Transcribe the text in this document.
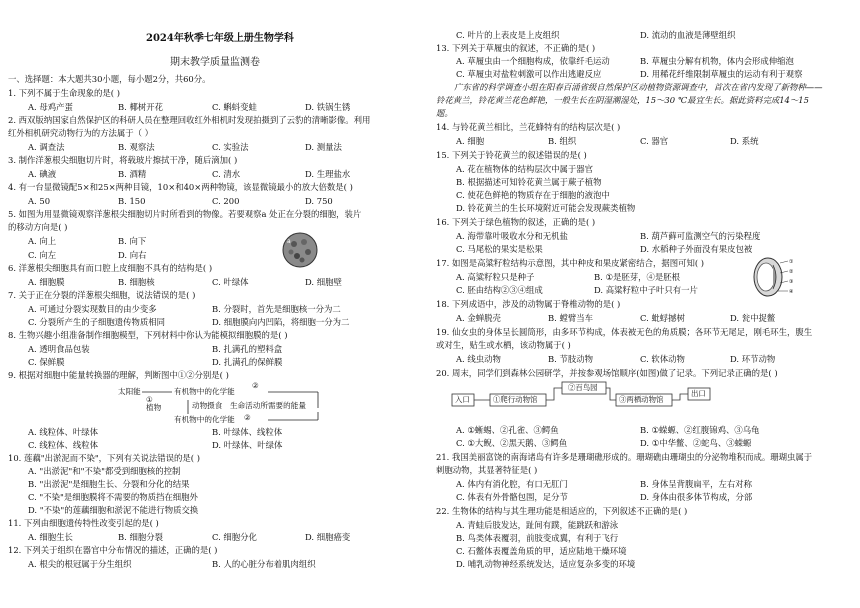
2024年秋季七年级上册生物学科
期末教学质量监测卷
一、选择题：本大题共30小题，每小题2分，共60分。
1. 下列不属于生命现象的是( )
A. 母鸡产蛋	B. 椰树开花	C. 蝌蚪变蛙	D. 铁锅生锈
2. 西双版纳国家自然保护区的科研人员在整理回收红外相机时发现拍摄到了云豹的清晰影像。利用
红外相机研究动物行为的方法属于（ ）
A. 调查法	B. 观察法	C. 实验法	D. 测量法
3. 制作洋葱根尖细胞切片时，将载玻片擦拭干净，随后滴加( )
A. 碘液	B. 酒精	C. 清水	D. 生理盐水
4. 有一台显微镜配5×和25×两种目镜，10×和40×两种物镜，该显微镜最小的放大倍数是( )
A. 50	B. 150	C. 200	D. 750
5. 如图为用显微镜观察洋葱根尖细胞切片时所看到的物像。若要观察a 处正在分裂的细胞，装片
的移动方向是( )
A. 向上	B. 向下
C. 向左	D. 向右
a
6. 洋葱根尖细胞具有而口腔上皮细胞不具有的结构是( )
A. 细胞膜	B. 细胞核	C. 叶绿体	D. 细胞壁
7. 关于正在分裂的洋葱根尖细胞，说法错误的是( )
A. 可通过分裂实现数目的由少变多	B. 分裂时，首先是细胞核一分为二
C. 分裂所产生的子细胞遗传物质相同	D. 细胞膜向内凹陷，将细胞一分为二
8. 生物兴趣小组准备制作细胞模型，下列材料中你认为能模拟细胞膜的是( )
A. 透明食品包装	B. 扎满孔的塑料盒
C. 保鲜膜	D. 扎满孔的保鲜膜
9. 根据对细胞中能量转换器的理解，判断图中①②分别是( )
太阳能	有机物中的化学能
②
①
植物	动物摄食 生命活动所需要的能量
②
有机物中的化学能
A. 线粒体、叶绿体	B. 叶绿体、线粒体
C. 线粒体、线粒体	D. 叶绿体、叶绿体
10. 莲藕"出淤泥而不染"，下列有关说法错误的是( )
A. "出淤泥"和"不染"都受到细胞核的控制
B. "出淤泥"是细胞生长、分裂和分化的结果
C. "不染"是细胞膜将不需要的物质挡在细胞外
D. "不染"的莲藕细胞和淤泥不能进行物质交换
11. 下列由细胞遗传特性改变引起的是( )
A. 细胞生长	B. 细胞分裂	C. 细胞分化	D. 细胞癌变
12. 下列关于组织在器官中分布情况的描述，正确的是( )
A. 根尖的根冠属于分生组织	B. 人的心脏分布着肌肉组织
C. 叶片的上表皮是上皮组织	D. 流动的血液是薄壁组织
13. 下列关于草履虫的叙述，不正确的是( )
A. 草履虫由一个细胞构成，依靠纤毛运动	B. 草履虫分解有机物，体内会形成伸缩泡
C. 草履虫对盐粒刺激可以作出逃避反应	D. 用稀花纤维限制草履虫的运动有利于观察
广东省的科学调查小组在阳春百涌省级自然保护区动植物资源调查中，首次在省内发现了新物种——
铃花黄兰，铃花黄兰花色鲜艳，一般生长在阴湿潮湿处，15～30 ℃最宜生长。据此资料完成14～15
题。
14. 与铃花黄兰相比，兰花蜂特有的结构层次是( )
A. 细胞	B. 组织	C. 器官	D. 系统
15. 下列关于铃花黄兰的叙述错误的是( )
A. 花在植物体的结构层次中属于器官
B. 根据描述可知铃花黄兰属于蕨子植物
C. 使花色鲜艳的物质存在于细胞的液泡中
D. 铃花黄兰的生长环境附近可能会发现蕨类植物
16. 下列关于绿色植物的叙述，正确的是( )
A. 海带靠叶吸收水分和无机盐	B. 葫芦藓可监测空气的污染程度
C. 马尾松的果实是松果	D. 水稻种子外面没有果皮包被
17. 如图是高粱籽粒结构示意图，其中种皮和果皮紧密结合，据图可知( )
A. 高粱籽粒只是种子	B. ①是胚芽，④是胚根
C. 胚由结构②③④组成	D. 高粱籽粒中子叶只有一片
①
②
③
④
18. 下列成语中，涉及的动物属于脊椎动物的是( )
A. 金蝉脱壳	B. 螳臂当车	C. 蚍蜉撼树	D. 瓮中捉鳖
19. 仙女虫的身体呈长圆筒形，由多环节构成，体表被无色的角质膜；各环节无尾足，刚毛环生，腹生
或对生，贴生或水栖，该动物属于( )
A. 线虫动物	B. 节肢动物	C. 软体动物	D. 环节动物
20. 周末，同学们到森林公园研学，并按参观场馆顺序(如图)做了记录。下列记录正确的是( )
入口	①爬行动物馆
②百鸟园
③两栖动物馆
出口
A. ①蜥蜴、②孔雀、③鳄鱼	B. ①蝾螈、②红腹锦鸡、③乌龟
C. ①大鲵、②黑天鹅、③鳄鱼	D. ①中华鳖、②蛇鸟、③蝾螈
21. 我国美丽富饶的南海诸岛有许多是珊瑚礁形成的。珊瑚礁由珊瑚虫的分泌物堆积而成。珊瑚虫属于
刺胞动物，其显著特征是( )
A. 体内有消化腔，有口无肛门	B. 身体呈背腹扁平，左右对称
C. 体表有外骨骼包围，足分节	D. 身体由很多体节构成，分部
22. 生物体的结构与其生理功能是相适应的，下列叙述不正确的是( )
A. 青蛙后肢发达，趾间有蹼，能跳跃和游泳
B. 鸟类体表覆羽，前肢变成翼，有利于飞行
C. 石鳖体表覆盖角质的甲，适应陆地干燥环境
D. 哺乳动物神经系统发达，适应复杂多变的环境
